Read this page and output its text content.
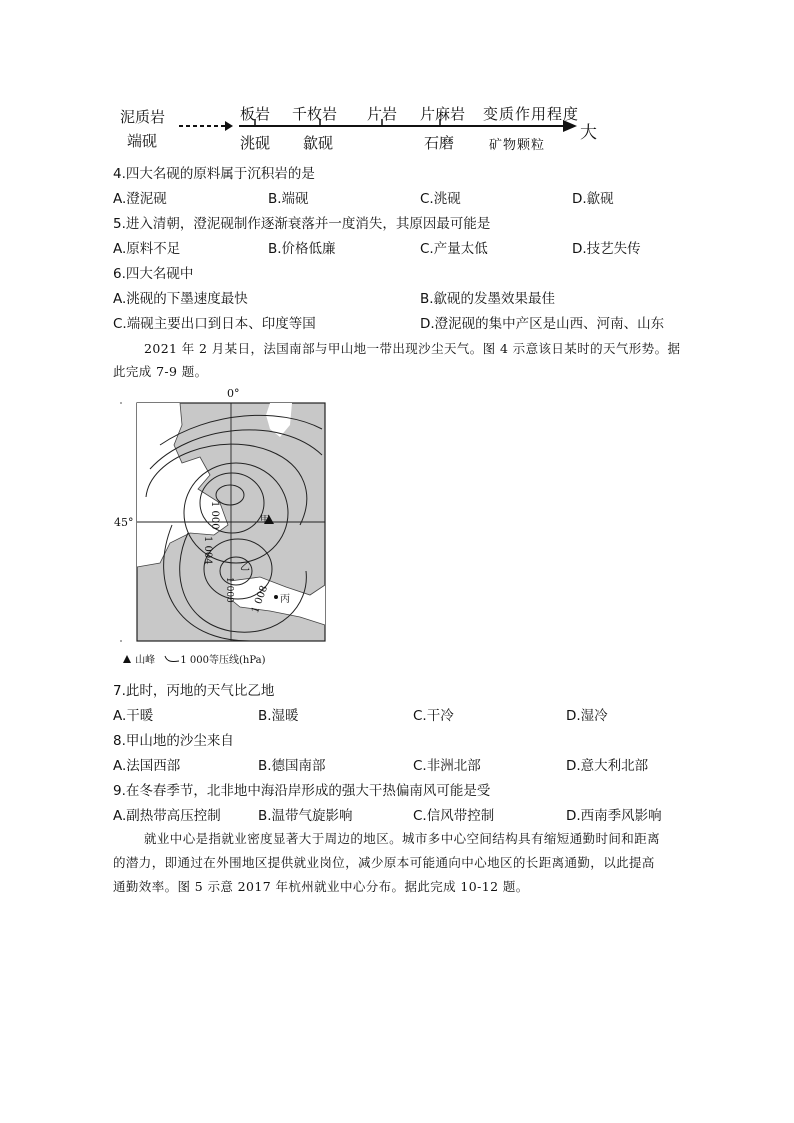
泥质岩
端砚
板岩 千枚岩 片岩 片麻岩 变质作用程度
大
洮砚 歙砚	石磨	矿物颗粒
4.四大名砚的原料属于沉积岩的是
A.澄泥砚	B.端砚	C.洮砚	D.歙砚
5.进入清朝，澄泥砚制作逐渐衰落并一度消失，其原因最可能是
A.原料不足	B.价格低廉	C.产量太低	D.技艺失传
6.四大名砚中
A.洮砚的下墨速度最快	B.歙砚的发墨效果最佳
C.端砚主要出口到日本、印度等国	D.澄泥砚的集中产区是山西、河南、山东
2021 年 2 月某日，法国南部与甲山地一带出现沙尘天气。图 4 示意该日某时的天气形势。据
此完成 7-9 题。
0°
45°	1 000
1 004
1 000 1 008
甲
乙
丙
山峰	1 000等压线(hPa)
7.此时，丙地的天气比乙地
A.干暖	B.湿暖	C.干冷	D.湿冷
8.甲山地的沙尘来自
A.法国西部	B.德国南部	C.非洲北部	D.意大利北部
9.在冬春季节，北非地中海沿岸形成的强大干热偏南风可能是受
A.副热带高压控制	B.温带气旋影响	C.信风带控制	D.西南季风影响
就业中心是指就业密度显著大于周边的地区。城市多中心空间结构具有缩短通勤时间和距离
的潜力，即通过在外围地区提供就业岗位，减少原本可能通向中心地区的长距离通勤，以此提高
通勤效率。图 5 示意 2017 年杭州就业中心分布。据此完成 10-12 题。
